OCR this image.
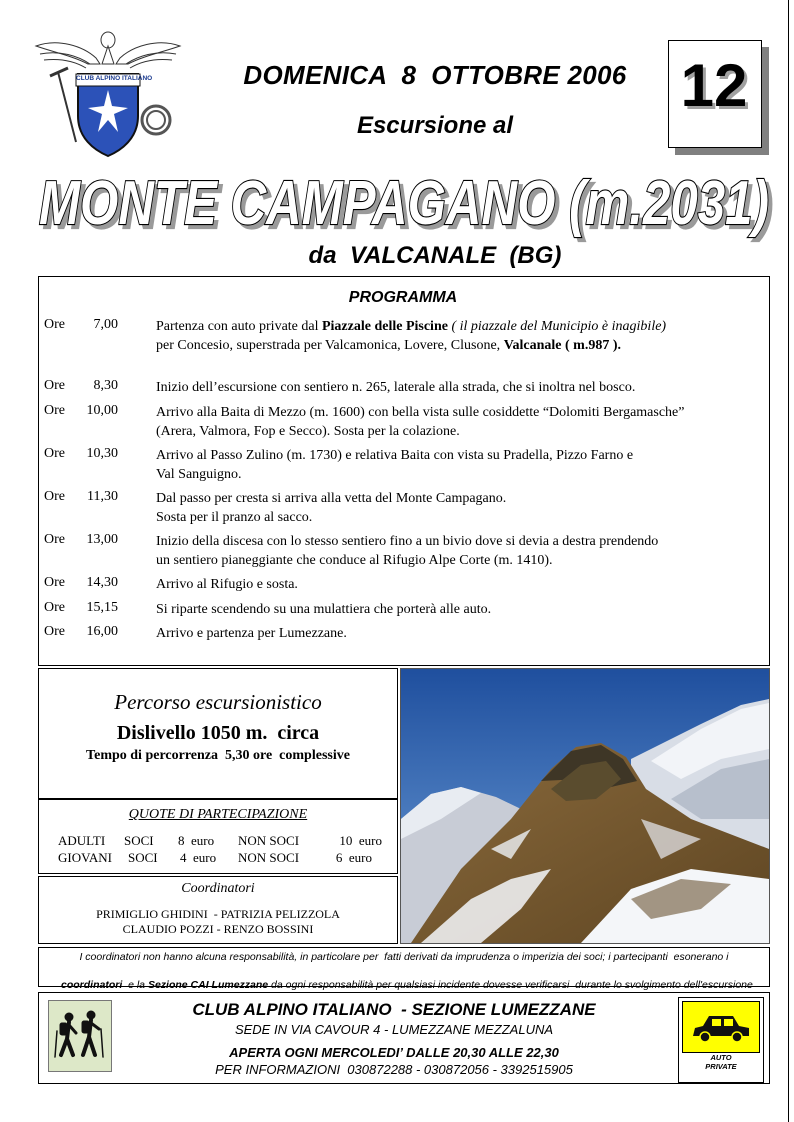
CLUB ALPINO ITALIANO	DOMENICA  8  OTTOBRE 2006
Escursione al
12
MONTE CAMPAGANO (m.2031)
da  VALCANALE  (BG)
PROGRAMMA
Ore	7,00	Partenza con auto private dal Piazzale delle Piscine ( il piazzale del Municipio è inagibile)
per Concesio, superstrada per Valcamonica, Lovere, Clusone, Valcanale ( m.987 ).
Ore	8,30	Inizio dell’escursione con sentiero n. 265, laterale alla strada, che si inoltra nel bosco.
Ore	10,00	Arrivo alla Baita di Mezzo (m. 1600) con bella vista sulle cosiddette “Dolomiti Bergamasche”
(Arera, Valmora, Fop e Secco). Sosta per la colazione.
Ore	10,30	Arrivo al Passo Zulino (m. 1730) e relativa Baita con vista su Pradella, Pizzo Farno e
Val Sanguigno.
Ore	11,30	Dal passo per cresta si arriva alla vetta del Monte Campagano.
Sosta per il pranzo al sacco.
Ore	13,00	Inizio della discesa con lo stesso sentiero fino a un bivio dove si devia a destra prendendo
un sentiero pianeggiante che conduce al Rifugio Alpe Corte (m. 1410).
Ore	14,30	Arrivo al Rifugio e sosta.
Ore	15,15	Si riparte scendendo su una mulattiera che porterà alle auto.
Ore	16,00	Arrivo e partenza per Lumezzane.
Percorso escursionistico
Dislivello 1050 m.  circa
Tempo di percorrenza  5,30 ore  complessive
QUOTE DI PARTECIPAZIONE
ADULTI	SOCI	8  euro	NON SOCI	10  euro
GIOVANI	SOCI	4  euro	NON SOCI	6  euro
Coordinatori
PRIMIGLIO GHIDINI  - PATRIZIA PELIZZOLA
CLAUDIO POZZI - RENZO BOSSINI
I coordinatori non hanno alcuna responsabilità, in particolare per  fatti derivati da imprudenza o imperizia dei soci; i partecipanti  esonerano i

coordinatori  e la Sezione CAI Lumezzane da ogni responsabilità per qualsiasi incidente dovesse verificarsi  durante lo svolgimento dell'escursione

CLUB ALPINO ITALIANO  - SEZIONE LUMEZZANE
SEDE IN VIA CAVOUR 4 - LUMEZZANE MEZZALUNA
APERTA OGNI MERCOLEDI’ DALLE 20,30 ALLE 22,30
PER INFORMAZIONI  030872288 - 030872056 - 3392515905
AUTO
PRIVATE
